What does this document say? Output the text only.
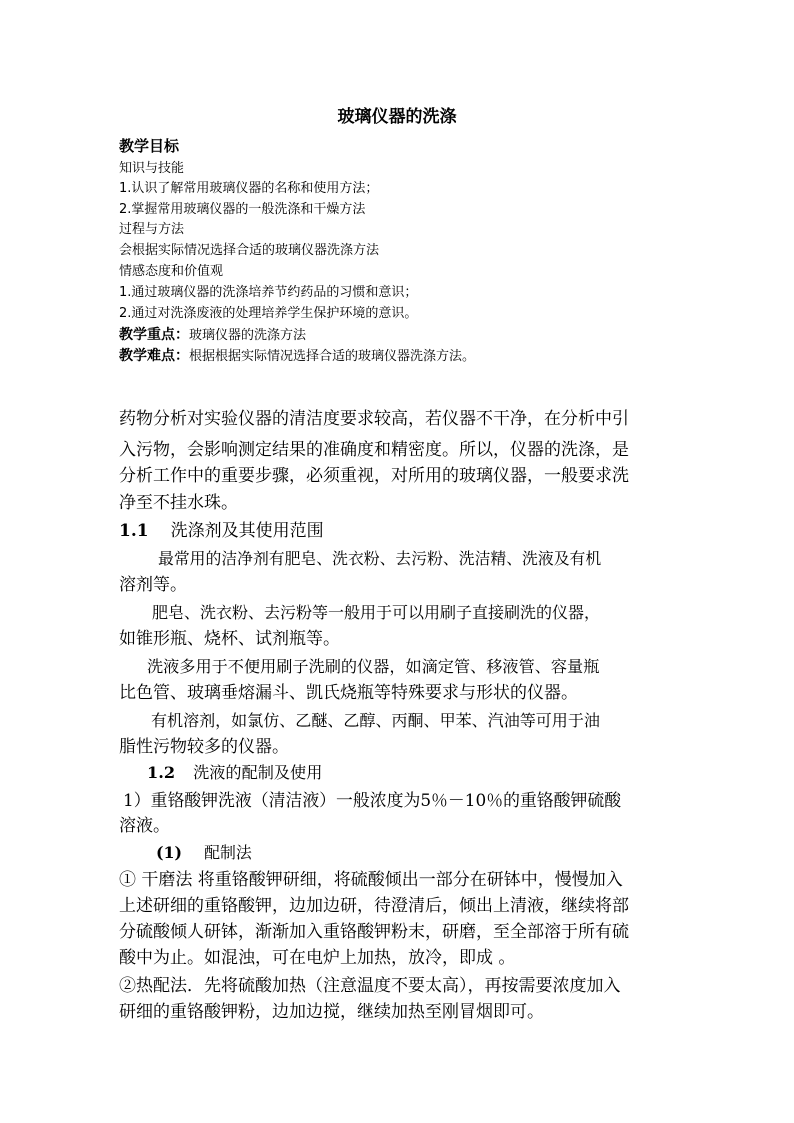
玻璃仪器的洗涤
教学目标
知识与技能
1.认识了解常用玻璃仪器的名称和使用方法；
2.掌握常用玻璃仪器的一般洗涤和干燥方法
过程与方法
会根据实际情况选择合适的玻璃仪器洗涤方法
情感态度和价值观
1.通过玻璃仪器的洗涤培养节约药品的习惯和意识；
2.通过对洗涤废液的处理培养学生保护环境的意识。
教学重点：玻璃仪器的洗涤方法
教学难点：根据根据实际情况选择合适的玻璃仪器洗涤方法。
药物分析对实验仪器的清洁度要求较高，若仪器不干净，在分析中引
入污物，会影响测定结果的准确度和精密度。所以，仪器的洗涤，是
分析工作中的重要步骤，必须重视，对所用的玻璃仪器，一般要求洗
净至不挂水珠。
1.1 洗涤剂及其使用范围
最常用的洁净剂有肥皂、洗衣粉、去污粉、洗洁精、洗液及有机
溶剂等。
肥皂、洗衣粉、去污粉等一般用于可以用刷子直接刷洗的仪器，
如锥形瓶、烧杯、试剂瓶等。
洗液多用于不便用刷子洗刷的仪器，如滴定管、移液管、容量瓶
比色管、玻璃垂熔漏斗、凯氏烧瓶等特殊要求与形状的仪器。
有机溶剂，如氯仿、乙醚、乙醇、丙酮、甲苯、汽油等可用于油
脂性污物较多的仪器。
1.2 洗液的配制及使用
1）重铬酸钾洗液（清洁液）一般浓度为5％－10％的重铬酸钾硫酸
溶液。
(1) 配制法
① 干磨法 将重铬酸钾研细，将硫酸倾出一部分在研钵中，慢慢加入
上述研细的重铬酸钾，边加边研，待澄清后，倾出上清液，继续将部
分硫酸倾人研钵，渐渐加入重铬酸钾粉末，研磨，至全部溶于所有硫
酸中为止。如混浊，可在电炉上加热，放冷，即成 。
②热配法．先将硫酸加热（注意温度不要太高），再按需要浓度加入
研细的重铬酸钾粉，边加边搅，继续加热至刚冒烟即可。
